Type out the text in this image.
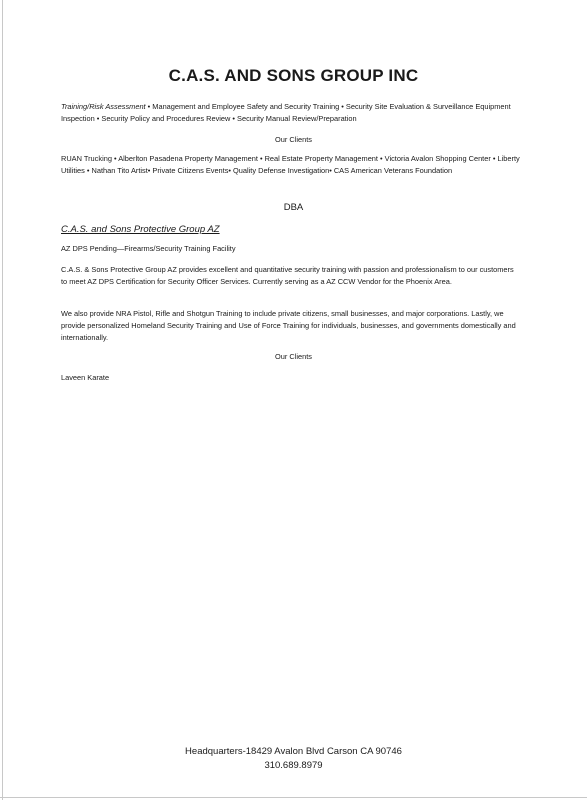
C.A.S. AND SONS GROUP INC
Training/Risk Assessment • Management and Employee Safety and Security Training • Security Site Evaluation & Surveillance Equipment Inspection • Security Policy and Procedures Review • Security Manual Review/Preparation
Our Clients
RUAN Trucking • Alberlton Pasadena Property Management • Real Estate Property Management • Victoria Avalon Shopping Center • Liberty Utilities • Nathan Tito Artist• Private Citizens Events• Quality Defense Investigation• CAS American Veterans Foundation
DBA
C.A.S. and Sons Protective Group AZ
AZ DPS Pending—Firearms/Security Training Facility
C.A.S. & Sons Protective Group AZ provides excellent and quantitative security training with passion and professionalism to our customers to meet AZ DPS Certification for Security Officer Services. Currently serving as a AZ CCW Vendor for the Phoenix Area.
We also provide NRA Pistol, Rifle and Shotgun Training to include private citizens, small businesses, and major corporations. Lastly, we provide personalized Homeland Security Training and Use of Force Training for individuals, businesses, and governments domestically and internationally.
Our Clients
Laveen Karate
Headquarters-18429 Avalon Blvd Carson CA 90746
310.689.8979
